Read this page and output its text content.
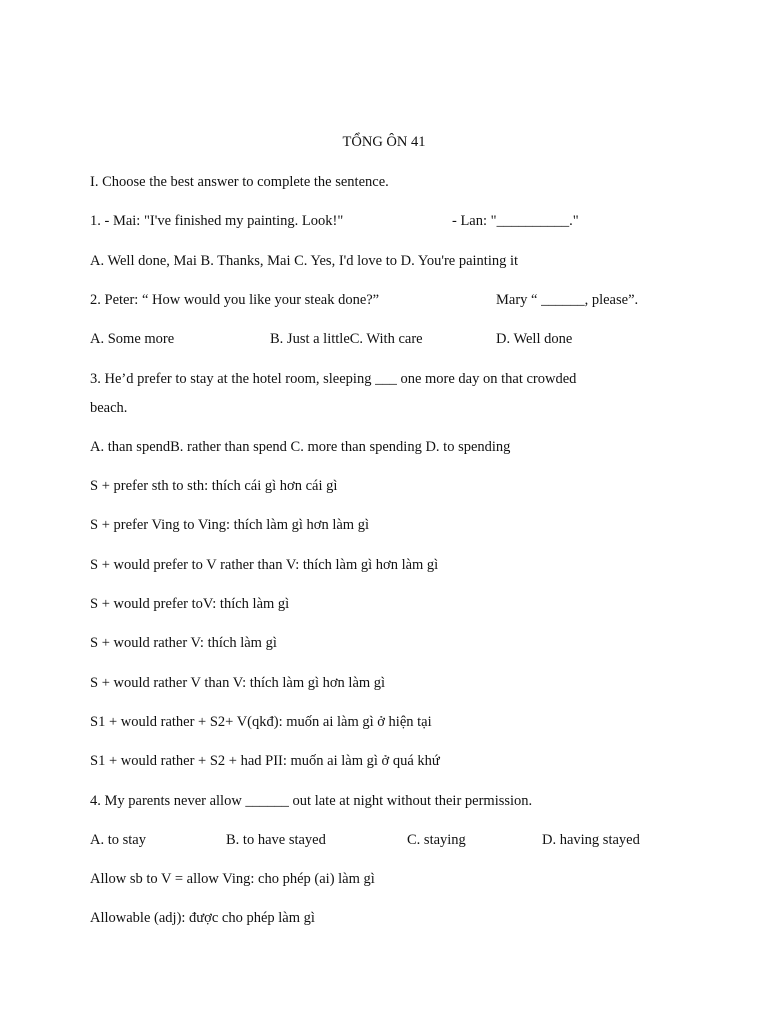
TỔNG ÔN 41
I. Choose the best answer to complete the sentence.
1. - Mai: "I've finished my painting. Look!"	- Lan: "__________."
A. Well done, Mai B. Thanks, Mai C. Yes, I'd love to D. You're painting it
2. Peter: “ How would you like your steak done?”	Mary “ ______, please”.
A. Some more	B. Just a littleC. With care	D. Well done
3. He’d prefer to stay at the hotel room, sleeping ___ one more day on that crowded
beach.
A. than spendB. rather than spend C. more than spending D. to spending
S + prefer sth to sth: thích cái gì hơn cái gì
S + prefer Ving to Ving: thích làm gì hơn làm gì
S + would prefer to V rather than V: thích làm gì hơn làm gì
S + would prefer toV: thích làm gì
S + would rather V: thích làm gì
S + would rather V than V: thích làm gì hơn làm gì
S1 + would rather + S2+ V(qkđ): muốn ai làm gì ở hiện tại
S1 + would rather + S2 + had PII: muốn ai làm gì ở quá khứ
4. My parents never allow ______ out late at night without their permission.
A. to stay	B. to have stayed	C. staying	D. having stayed
Allow sb to V = allow Ving: cho phép (ai) làm gì
Allowable (adj): được cho phép làm gì
